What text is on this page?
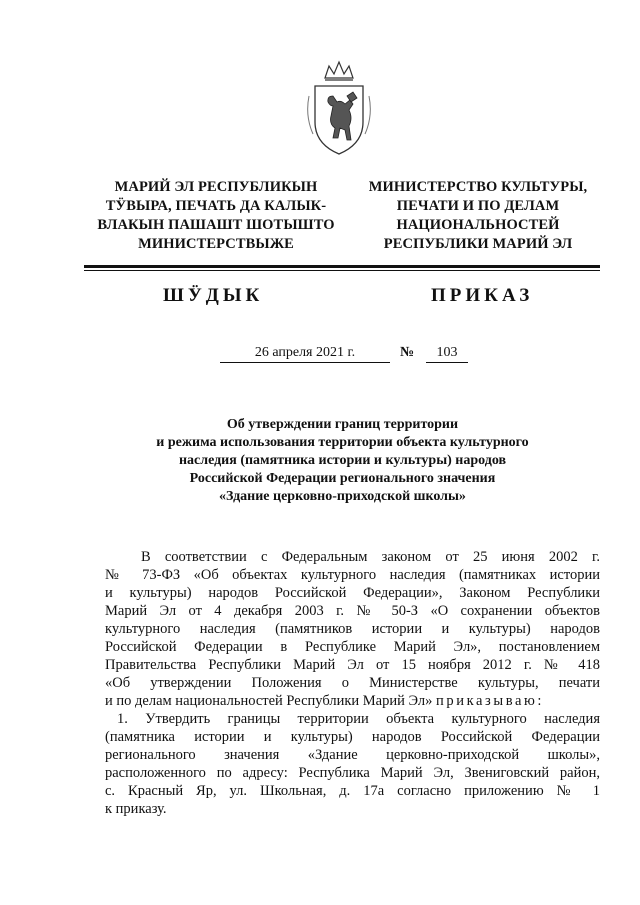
МАРИЙ ЭЛ РЕСПУБЛИКЫН
ТӰВЫРА, ПЕЧАТЬ ДА КАЛЫК-
ВЛАКЫН ПАШАШТ ШОТЫШТО
МИНИСТЕРСТВЫЖЕ
МИНИСТЕРСТВО КУЛЬТУРЫ,
ПЕЧАТИ И ПО ДЕЛАМ
НАЦИОНАЛЬНОСТЕЙ
РЕСПУБЛИКИ МАРИЙ ЭЛ
ШӰДЫК	ПРИКАЗ
26 апреля 2021 г.	№	103
Об утверждении границ территории
и режима использования территории объекта культурного
наследия (памятника истории и культуры) народов
Российской Федерации регионального значения
«Здание церковно-приходской школы»
В соответствии с Федеральным законом от 25 июня 2002 г.
№ 73-ФЗ «Об объектах культурного наследия (памятниках истории
и культуры) народов Российской Федерации», Законом Республики
Марий Эл от 4 декабря 2003 г. № 50-З «О сохранении объектов
культурного наследия (памятников истории и культуры) народов
Российской Федерации в Республике Марий Эл», постановлением
Правительства Республики Марий Эл от 15 ноября 2012 г. № 418
«Об утверждении Положения о Министерстве культуры, печати
и по делам национальностей Республики Марий Эл» приказываю:
1. Утвердить границы территории объекта культурного наследия
(памятника истории и культуры) народов Российской Федерации
регионального значения «Здание церковно-приходской школы»,
расположенного по адресу: Республика Марий Эл, Звениговский район,
с. Красный Яр, ул. Школьная, д. 17а согласно приложению № 1
к приказу.
